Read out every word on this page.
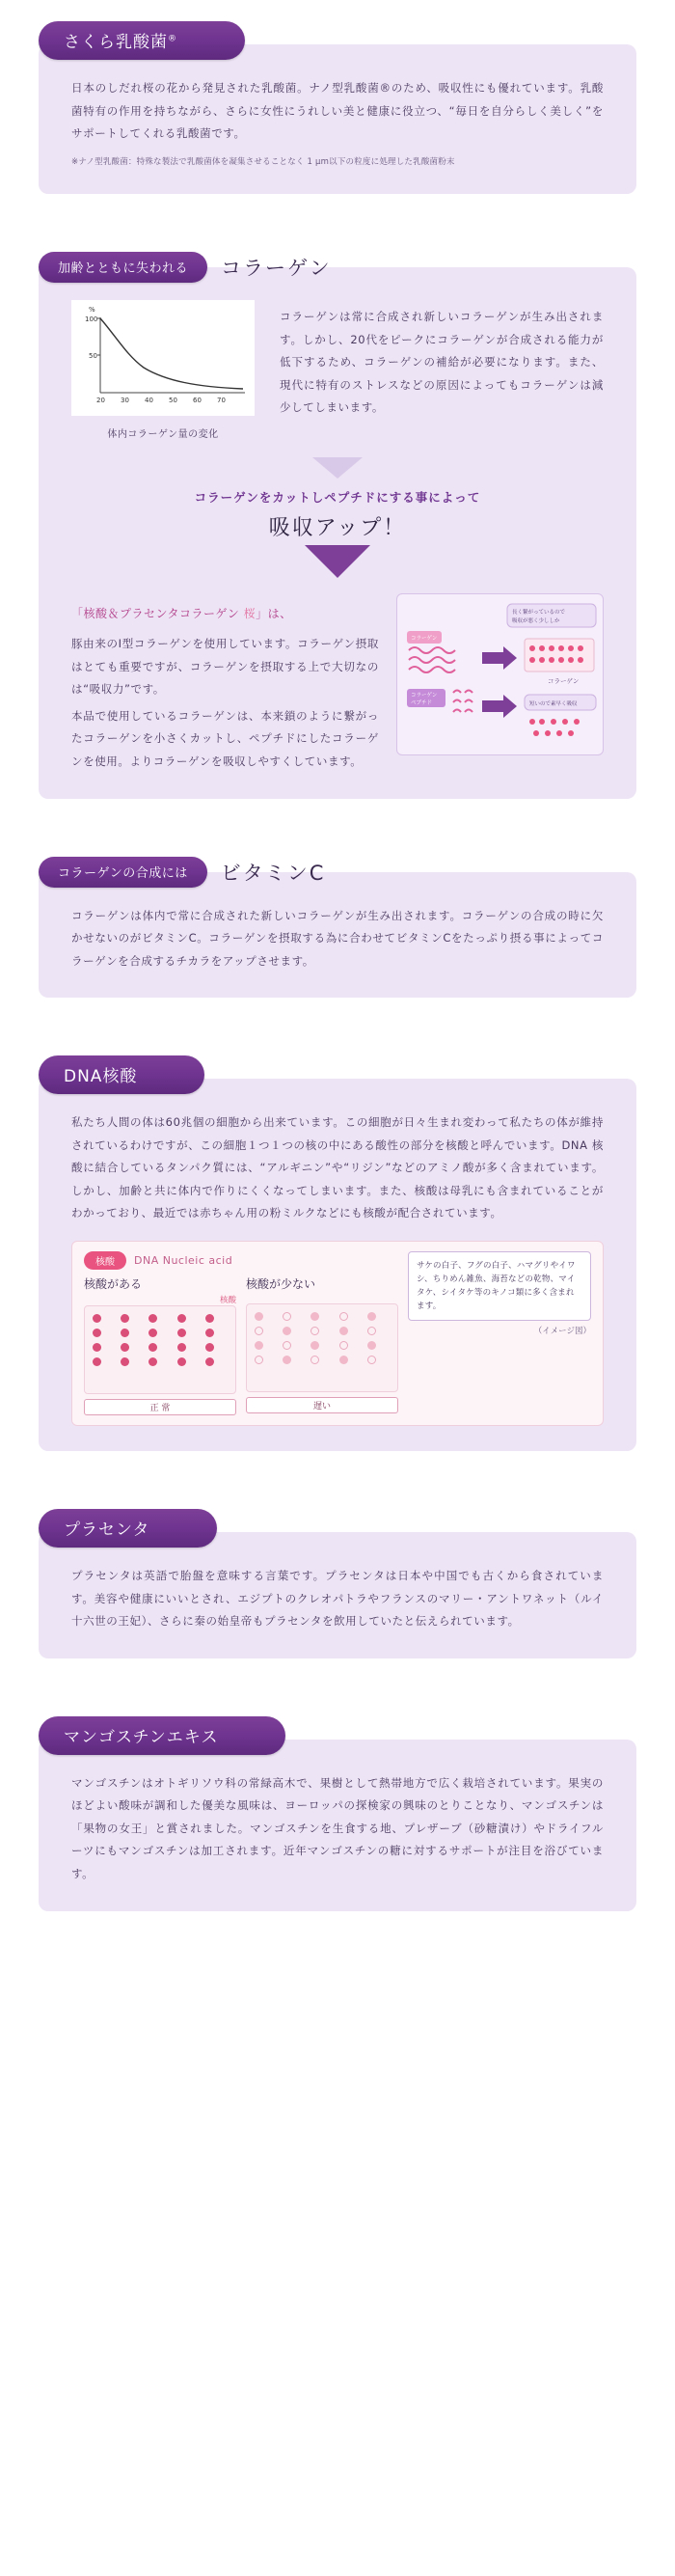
さくら乳酸菌®

日本のしだれ桜の花から発見された乳酸菌。ナノ型乳酸菌®のため、吸収性にも優れています。乳酸菌特有の作用を持ちながら、さらに女性にうれしい美と健康に役立つ、“毎日を自分らしく美しく”をサポートしてくれる乳酸菌です。

※ナノ型乳酸菌：特殊な製法で乳酸菌体を凝集させることなく 1 μm以下の粒度に処理した乳酸菌粉末
加齢とともに失われる	コラーゲン
%
100
50
20 30 40 50 60 70
体内コラーゲン量の変化

コラーゲンは常に合成され新しいコラーゲンが生み出されます。しかし、20代をピークにコラーゲンが合成される能力が低下するため、コラーゲンの補給が必要になります。また、現代に特有のストレスなどの原因によってもコラーゲンは減少してしまいます。

コラーゲンをカットしペプチドにする事によって
吸収アップ！

「核酸＆プラセンタコラーゲン 桜」は、

豚由来のⅠ型コラーゲンを使用しています。コラーゲン摂取はとても重要ですが、コラーゲンを摂取する上で大切なのは“吸収力”です。

本品で使用しているコラーゲンは、本来鎖のように繋がったコラーゲンを小さくカットし、ペプチドにしたコラーゲンを使用。よりコラーゲンを吸収しやすくしています。

長く繋がっているので
吸収が悪く少ししか
コラーゲン
コラーゲン
コラーゲン
ペプチド	短いので素早く吸収
コラーゲンの合成には	ビタミンC

コラーゲンは体内で常に合成された新しいコラーゲンが生み出されます。コラーゲンの合成の時に欠かせないのがビタミンC。コラーゲンを摂取する為に合わせてビタミンCをたっぷり摂る事によってコラーゲンを合成するチカラをアップさせます。

DNA核酸

私たち人間の体は60兆個の細胞から出来ています。この細胞が日々生まれ変わって私たちの体が維持されているわけですが、この細胞１つ１つの核の中にある酸性の部分を核酸と呼んでいます。DNA 核酸に結合しているタンパク質には、“アルギニン”や“リジン”などのアミノ酸が多く含まれています。しかし、加齢と共に体内で作りにくくなってしまいます。また、核酸は母乳にも含まれていることがわかっており、最近では赤ちゃん用の粉ミルクなどにも核酸が配合されています。

核酸	DNA Nucleic acid
核酸がある
核酸
正 常
核酸が少ない

遅い
サケの白子、フグの白子、ハマグリやイワシ、ちりめん雑魚、海苔などの乾物、マイタケ、シイタケ等のキノコ類に多く含まれます。
（イメージ図）
プラセンタ

プラセンタは英語で胎盤を意味する言葉です。プラセンタは日本や中国でも古くから食されています。美容や健康にいいとされ、エジプトのクレオパトラやフランスのマリー・アントワネット（ルイ十六世の王妃）、さらに秦の始皇帝もプラセンタを飲用していたと伝えられています。

マンゴスチンエキス

マンゴスチンはオトギリソウ科の常緑高木で、果樹として熱帯地方で広く栽培されています。果実のほどよい酸味が調和した優美な風味は、ヨーロッパの探検家の興味のとりことなり、マンゴスチンは「果物の女王」と賞されました。マンゴスチンを生食する地、プレザーブ（砂糖漬け）やドライフルーツにもマンゴスチンは加工されます。近年マンゴスチンの糖に対するサポートが注目を浴びています。
